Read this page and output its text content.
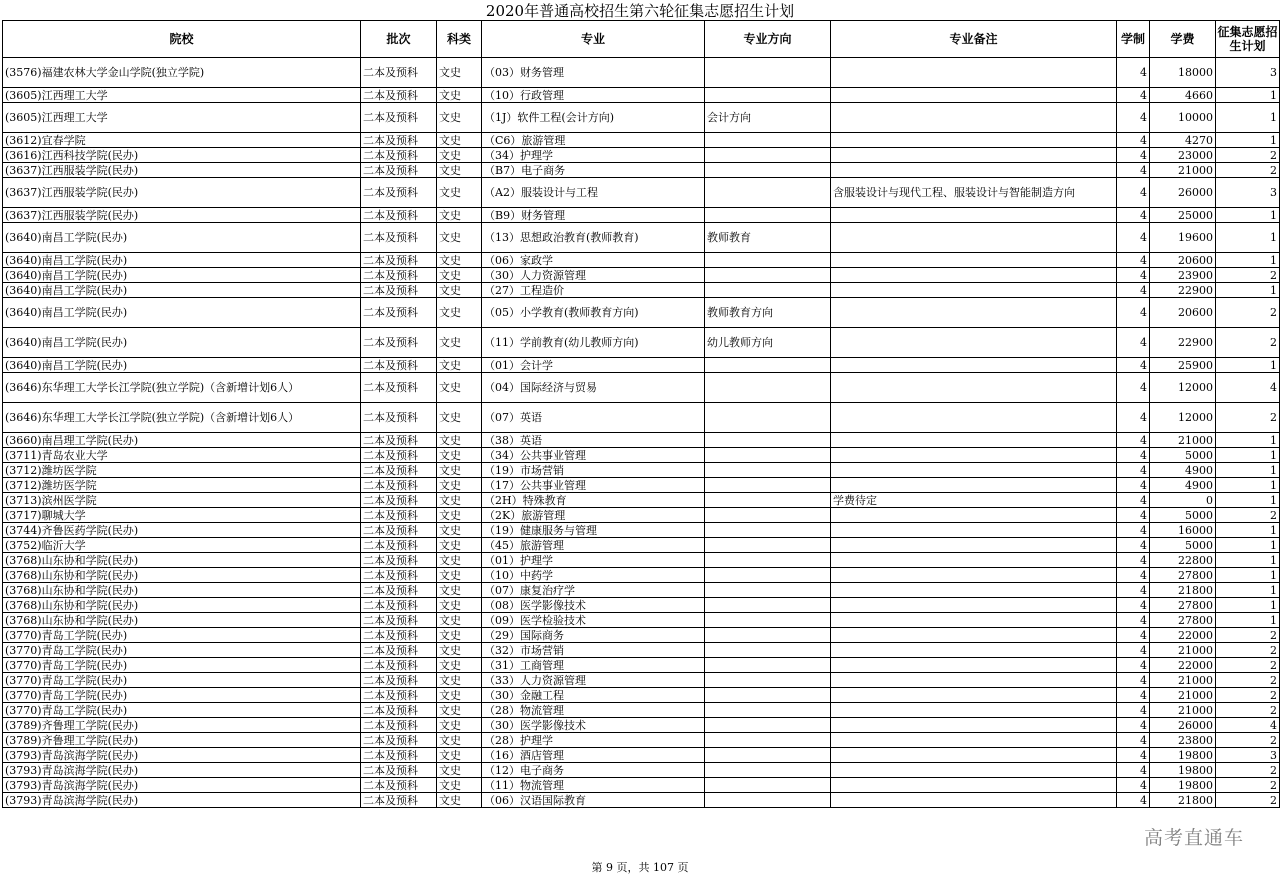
2020年普通高校招生第六轮征集志愿招生计划
院校	批次	科类	专业	专业方向	专业备注	学制	学费	征集志愿招生计划
(3576)福建农林大学金山学院(独立学院)	二本及预科	文史	（03）财务管理			4	18000	3
(3605)江西理工大学	二本及预科	文史	（10）行政管理			4	4660	1
(3605)江西理工大学	二本及预科	文史	（1J）软件工程(会计方向)	会计方向		4	10000	1
(3612)宜春学院	二本及预科	文史	（C6）旅游管理			4	4270	1
(3616)江西科技学院(民办)	二本及预科	文史	（34）护理学			4	23000	2
(3637)江西服装学院(民办)	二本及预科	文史	（B7）电子商务			4	21000	2
(3637)江西服装学院(民办)	二本及预科	文史	（A2）服装设计与工程		含服装设计与现代工程、服装设计与智能制造方向	4	26000	3
(3637)江西服装学院(民办)	二本及预科	文史	（B9）财务管理			4	25000	1
(3640)南昌工学院(民办)	二本及预科	文史	（13）思想政治教育(教师教育)	教师教育		4	19600	1
(3640)南昌工学院(民办)	二本及预科	文史	（06）家政学			4	20600	1
(3640)南昌工学院(民办)	二本及预科	文史	（30）人力资源管理			4	23900	2
(3640)南昌工学院(民办)	二本及预科	文史	（27）工程造价			4	22900	1
(3640)南昌工学院(民办)	二本及预科	文史	（05）小学教育(教师教育方向)	教师教育方向		4	20600	2
(3640)南昌工学院(民办)	二本及预科	文史	（11）学前教育(幼儿教师方向)	幼儿教师方向		4	22900	2
(3640)南昌工学院(民办)	二本及预科	文史	（01）会计学			4	25900	1
(3646)东华理工大学长江学院(独立学院)（含新增计划6人）	二本及预科	文史	（04）国际经济与贸易			4	12000	4
(3646)东华理工大学长江学院(独立学院)（含新增计划6人）	二本及预科	文史	（07）英语			4	12000	2
(3660)南昌理工学院(民办)	二本及预科	文史	（38）英语			4	21000	1
(3711)青岛农业大学	二本及预科	文史	（34）公共事业管理			4	5000	1
(3712)潍坊医学院	二本及预科	文史	（19）市场营销			4	4900	1
(3712)潍坊医学院	二本及预科	文史	（17）公共事业管理			4	4900	1
(3713)滨州医学院	二本及预科	文史	（2H）特殊教育		学费待定	4	0	1
(3717)聊城大学	二本及预科	文史	（2K）旅游管理			4	5000	2
(3744)齐鲁医药学院(民办)	二本及预科	文史	（19）健康服务与管理			4	16000	1
(3752)临沂大学	二本及预科	文史	（45）旅游管理			4	5000	1
(3768)山东协和学院(民办)	二本及预科	文史	（01）护理学			4	22800	1
(3768)山东协和学院(民办)	二本及预科	文史	（10）中药学			4	27800	1
(3768)山东协和学院(民办)	二本及预科	文史	（07）康复治疗学			4	21800	1
(3768)山东协和学院(民办)	二本及预科	文史	（08）医学影像技术			4	27800	1
(3768)山东协和学院(民办)	二本及预科	文史	（09）医学检验技术			4	27800	1
(3770)青岛工学院(民办)	二本及预科	文史	（29）国际商务			4	22000	2
(3770)青岛工学院(民办)	二本及预科	文史	（32）市场营销			4	21000	2
(3770)青岛工学院(民办)	二本及预科	文史	（31）工商管理			4	22000	2
(3770)青岛工学院(民办)	二本及预科	文史	（33）人力资源管理			4	21000	2
(3770)青岛工学院(民办)	二本及预科	文史	（30）金融工程			4	21000	2
(3770)青岛工学院(民办)	二本及预科	文史	（28）物流管理			4	21000	2
(3789)齐鲁理工学院(民办)	二本及预科	文史	（30）医学影像技术			4	26000	4
(3789)齐鲁理工学院(民办)	二本及预科	文史	（28）护理学			4	23800	2
(3793)青岛滨海学院(民办)	二本及预科	文史	（16）酒店管理			4	19800	3
(3793)青岛滨海学院(民办)	二本及预科	文史	（12）电子商务			4	19800	2
(3793)青岛滨海学院(民办)	二本及预科	文史	（11）物流管理			4	19800	2
(3793)青岛滨海学院(民办)	二本及预科	文史	（06）汉语国际教育			4	21800	2
第 9 页，共 107 页
高考直通车
